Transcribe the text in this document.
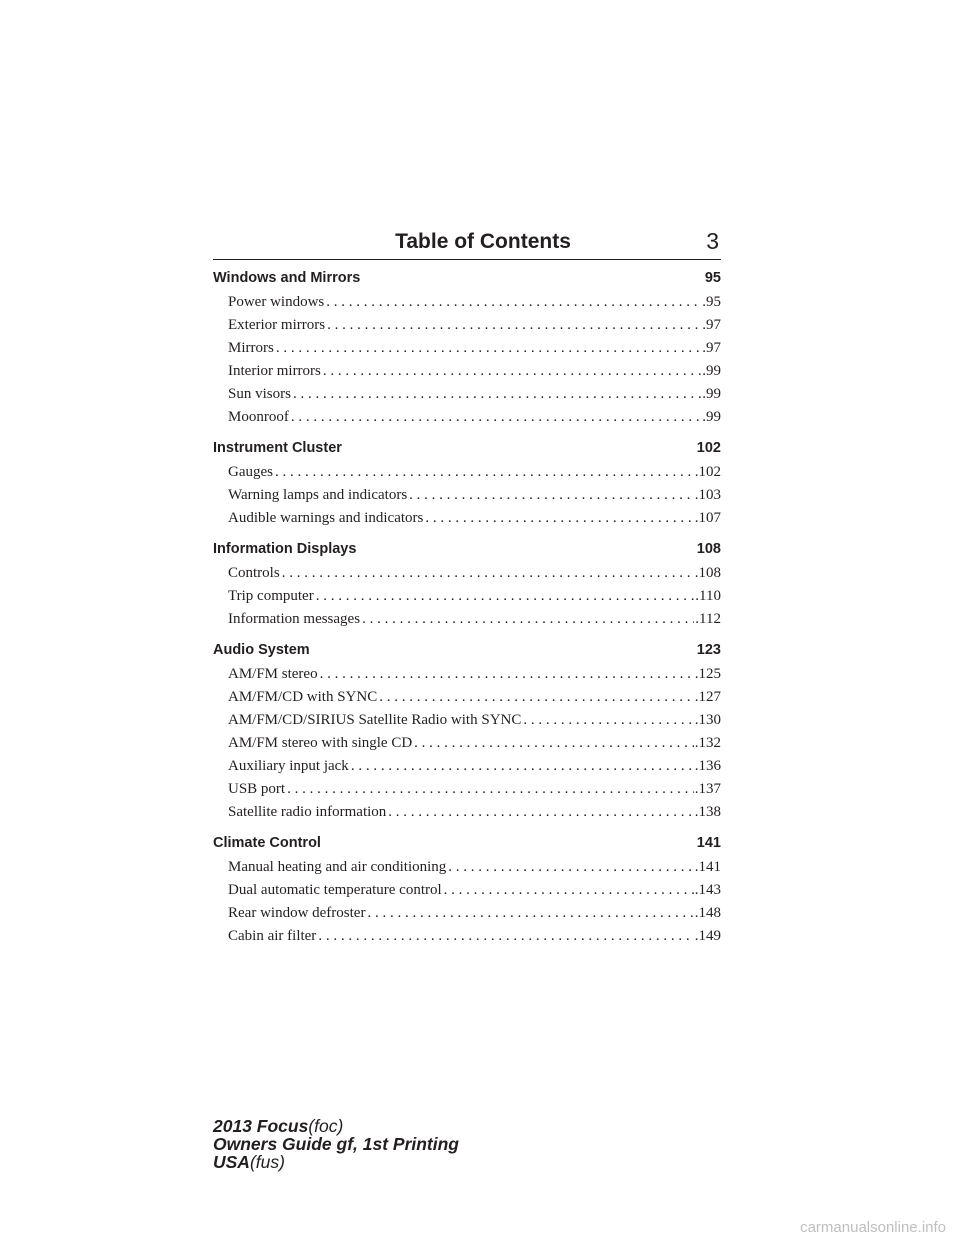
Table of Contents	3
Windows and Mirrors	95
Power windows . . .	.95
Exterior mirrors . . .	.97
Mirrors . . .	.97
Interior mirrors . . .	.99
Sun visors . . .	.99
Moonroof . . .	.99
Instrument Cluster	102
Gauges . . .	.102
Warning lamps and indicators . . .	.103
Audible warnings and indicators . . .	.107
Information Displays	108
Controls . . .	.108
Trip computer . . .	.110
Information messages . . .	.112
Audio System	123
AM/FM stereo . . .	.125
AM/FM/CD with SYNC . . .	.127
AM/FM/CD/SIRIUS Satellite Radio with SYNC . . .	.130
AM/FM stereo with single CD . . .	.132
Auxiliary input jack . . .	.136
USB port . . .	.137
Satellite radio information . . .	.138
Climate Control	141
Manual heating and air conditioning . . .	.141
Dual automatic temperature control . . .	.143
Rear window defroster . . .	.148
Cabin air filter . . .	.149
2013 Focus(foc)
Owners Guide gf, 1st Printing
USA(fus)
carmanualsonline.info
